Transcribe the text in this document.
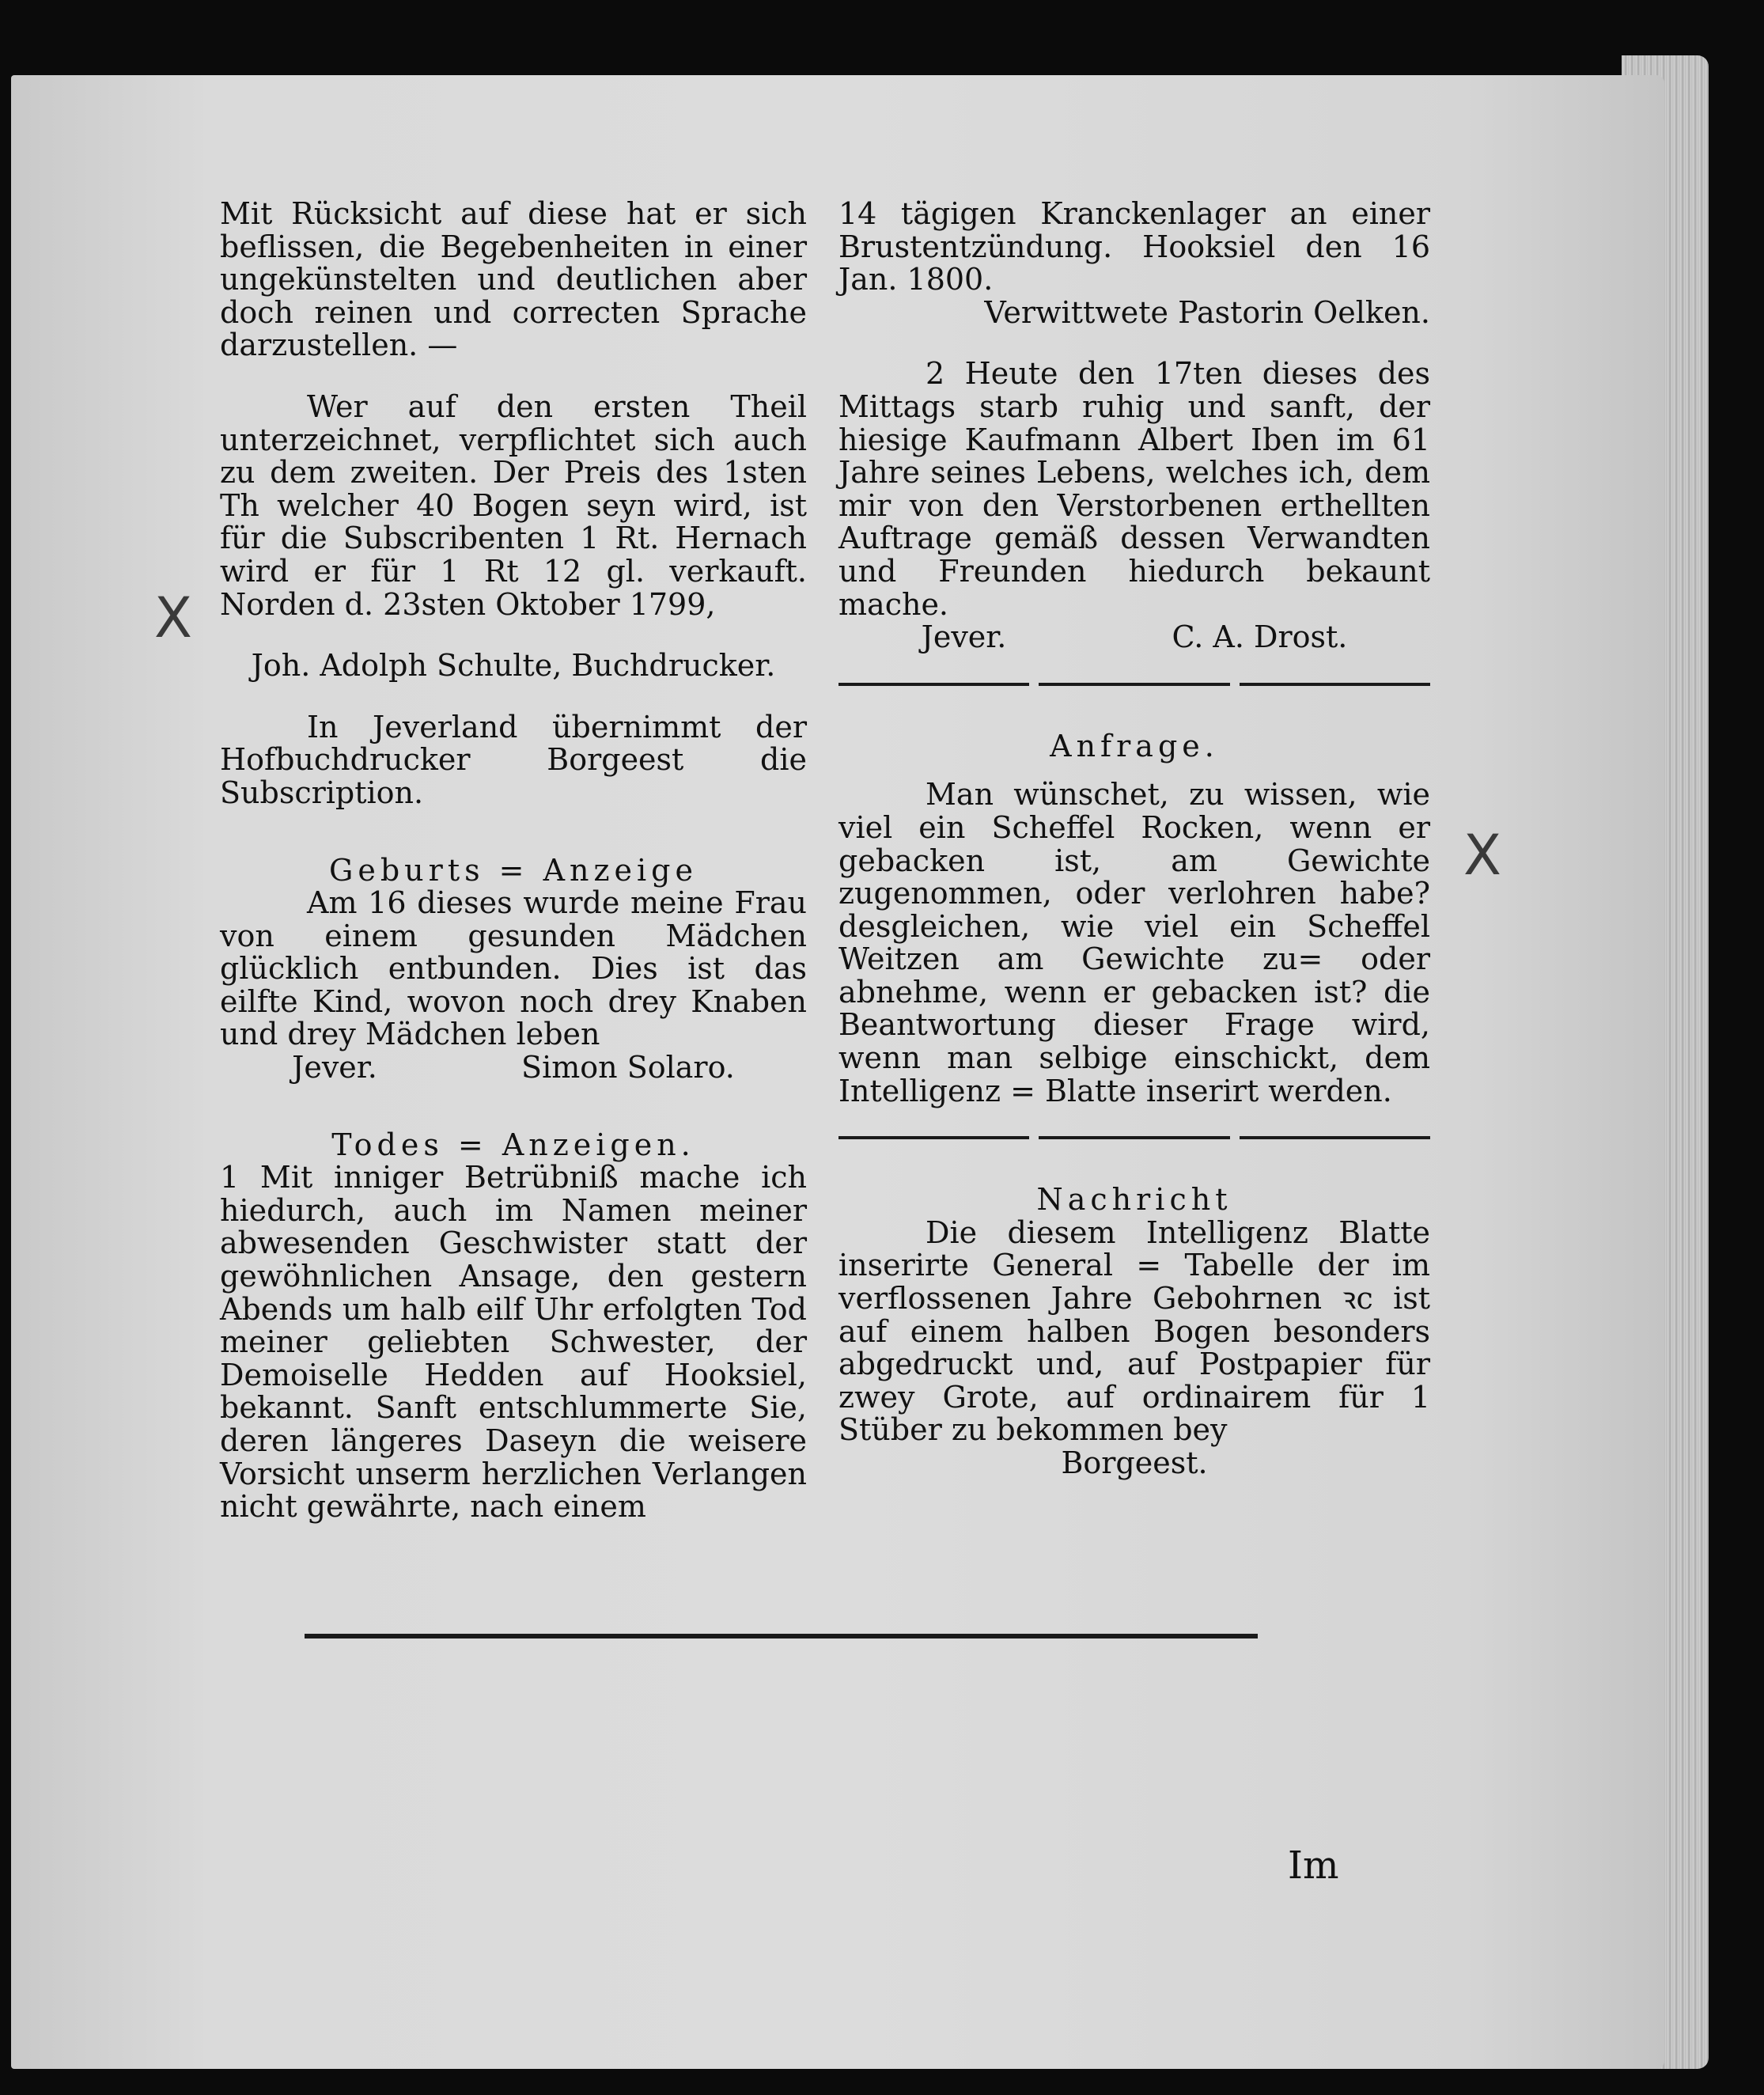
Mit Rücksicht auf diese hat er sich beflissen, die Begebenheiten in einer ungekünstelten und deutlichen aber doch reinen und correcten Sprache darzustellen. —

Wer auf den ersten Theil unterzeichnet, verpflichtet sich auch zu dem zweiten. Der Preis des 1sten Th welcher 40 Bogen seyn wird, ist für die Subscribenten 1 Rt. Hernach wird er für 1 Rt 12 gl. verkauft. Norden d. 23sten Oktober 1799,

Joh. Adolph Schulte, Buchdrucker.

In Jeverland übernimmt der Hofbuchdrucker Borgeest die Subscription.

Geburts = Anzeige

Am 16 dieses wurde meine Frau von einem gesunden Mädchen glücklich entbunden. Dies ist das eilfte Kind, wovon noch drey Knaben und drey Mädchen leben

Jever.	Simon Solaro.

Todes = Anzeigen.

1 Mit inniger Betrübniß mache ich hiedurch, auch im Namen meiner abwesenden Geschwister statt der gewöhnlichen Ansage, den gestern Abends um halb eilf Uhr erfolgten Tod meiner geliebten Schwester, der Demoiselle Hedden auf Hooksiel, bekannt. Sanft entschlummerte Sie, deren längeres Daseyn die weisere Vorsicht unserm herzlichen Verlangen nicht gewährte, nach einem

14 tägigen Kranckenlager an einer Brustentzündung. Hooksiel den 16 Jan. 1800.

Verwittwete Pastorin Oelken.

2 Heute den 17ten dieses des Mittags starb ruhig und sanft, der hiesige Kaufmann Albert Iben im 61 Jahre seines Lebens, welches ich, dem mir von den Verstorbenen erthellten Auftrage gemäß dessen Verwandten und Freunden hiedurch bekaunt mache.

Jever.	C. A. Drost.

Anfrage.

Man wünschet, zu wissen, wie viel ein Scheffel Rocken, wenn er gebacken ist, am Gewichte zugenommen, oder verlohren habe? desgleichen, wie viel ein Scheffel Weitzen am Gewichte zu= oder abnehme, wenn er gebacken ist? die Beantwortung dieser Frage wird, wenn man selbige einschickt, dem Intelligenz = Blatte inserirt werden.

Nachricht

Die diesem Intelligenz Blatte inserirte General = Tabelle der im verflossenen Jahre Gebohrnen ꝛc ist auf einem halben Bogen besonders abgedruckt und, auf Postpapier für zwey Grote, auf ordinairem für 1 Stüber zu bekommen bey

Borgeest.

Im
X
X
